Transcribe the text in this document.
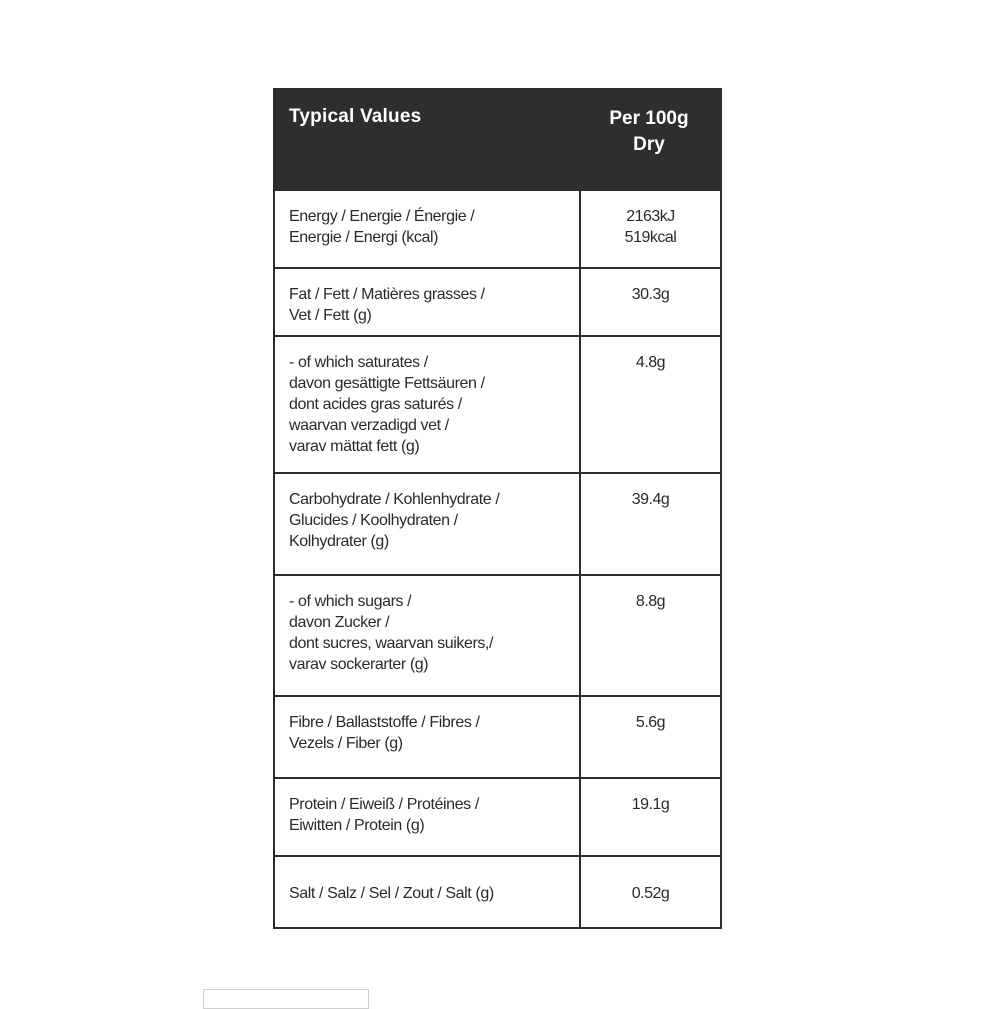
Typical Values	Per 100g
Dry
Energy / Energie / Énergie /
Energie / Energi (kcal)
2163kJ
519kcal
Fat / Fett / Matières grasses /
Vet / Fett (g)
30.3g
- of which saturates /
davon gesättigte Fettsäuren /
dont acides gras saturés /
waarvan verzadigd vet /
varav mättat fett (g)
4.8g
Carbohydrate / Kohlenhydrate /
Glucides / Koolhydraten /
Kolhydrater (g)
39.4g
- of which sugars /
davon Zucker /
dont sucres, waarvan suikers,/
varav sockerarter (g)
8.8g
Fibre / Ballaststoffe / Fibres /
Vezels / Fiber (g)
5.6g
Protein / Eiweiß / Protéines /
Eiwitten / Protein (g)
19.1g
Salt / Salz / Sel / Zout / Salt (g)	0.52g
